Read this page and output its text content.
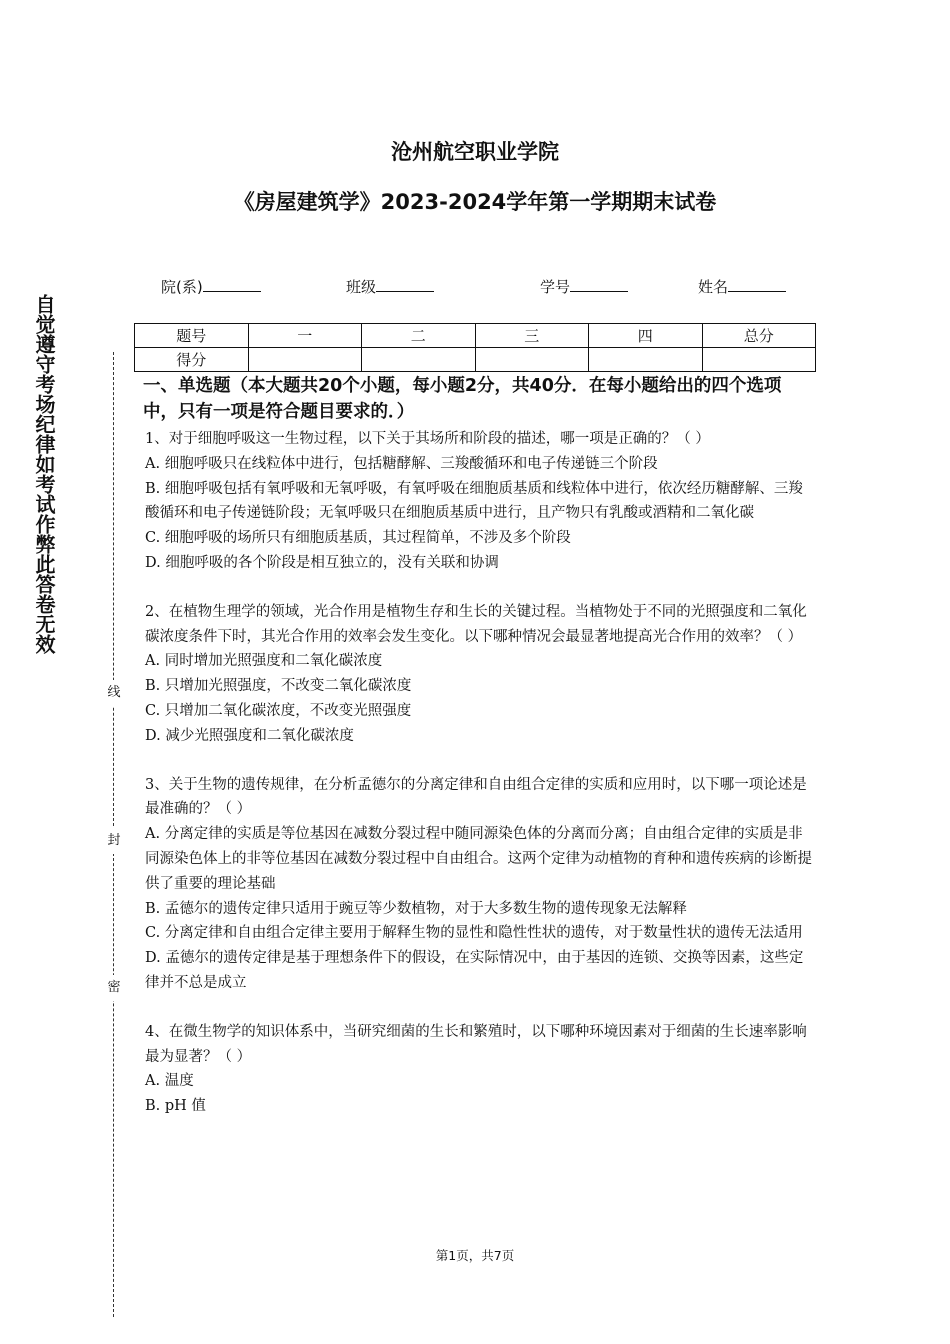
沧州航空职业学院
《房屋建筑学》2023-2024学年第一学期期末试卷
院(系)	班级	学号	姓名
题号	一	二	三	四	总分
得分					
自觉遵守考场纪律如考试作弊此答卷无效
线
封
密
一、单选题（本大题共20个小题，每小题2分，共40分．在每小题给出的四个选项中，只有一项是符合题目要求的．）

1、对于细胞呼吸这一生物过程，以下关于其场所和阶段的描述，哪一项是正确的？（ ）

A. 细胞呼吸只在线粒体中进行，包括糖酵解、三羧酸循环和电子传递链三个阶段

B. 细胞呼吸包括有氧呼吸和无氧呼吸，有氧呼吸在细胞质基质和线粒体中进行，依次经历糖酵解、三羧酸循环和电子传递链阶段；无氧呼吸只在细胞质基质中进行，且产物只有乳酸或酒精和二氧化碳

C. 细胞呼吸的场所只有细胞质基质，其过程简单，不涉及多个阶段

D. 细胞呼吸的各个阶段是相互独立的，没有关联和协调

2、在植物生理学的领域，光合作用是植物生存和生长的关键过程。当植物处于不同的光照强度和二氧化碳浓度条件下时，其光合作用的效率会发生变化。以下哪种情况会最显著地提高光合作用的效率？（ ）

A. 同时增加光照强度和二氧化碳浓度

B. 只增加光照强度，不改变二氧化碳浓度

C. 只增加二氧化碳浓度，不改变光照强度

D. 减少光照强度和二氧化碳浓度

3、关于生物的遗传规律，在分析孟德尔的分离定律和自由组合定律的实质和应用时，以下哪一项论述是最准确的？（ ）

A. 分离定律的实质是等位基因在减数分裂过程中随同源染色体的分离而分离；自由组合定律的实质是非同源染色体上的非等位基因在减数分裂过程中自由组合。这两个定律为动植物的育种和遗传疾病的诊断提供了重要的理论基础

B. 孟德尔的遗传定律只适用于豌豆等少数植物，对于大多数生物的遗传现象无法解释

C. 分离定律和自由组合定律主要用于解释生物的显性和隐性性状的遗传，对于数量性状的遗传无法适用

D. 孟德尔的遗传定律是基于理想条件下的假设，在实际情况中，由于基因的连锁、交换等因素，这些定律并不总是成立

4、在微生物学的知识体系中，当研究细菌的生长和繁殖时，以下哪种环境因素对于细菌的生长速率影响最为显著？（ ）

A. 温度

B. pH 值

第1页，共7页
